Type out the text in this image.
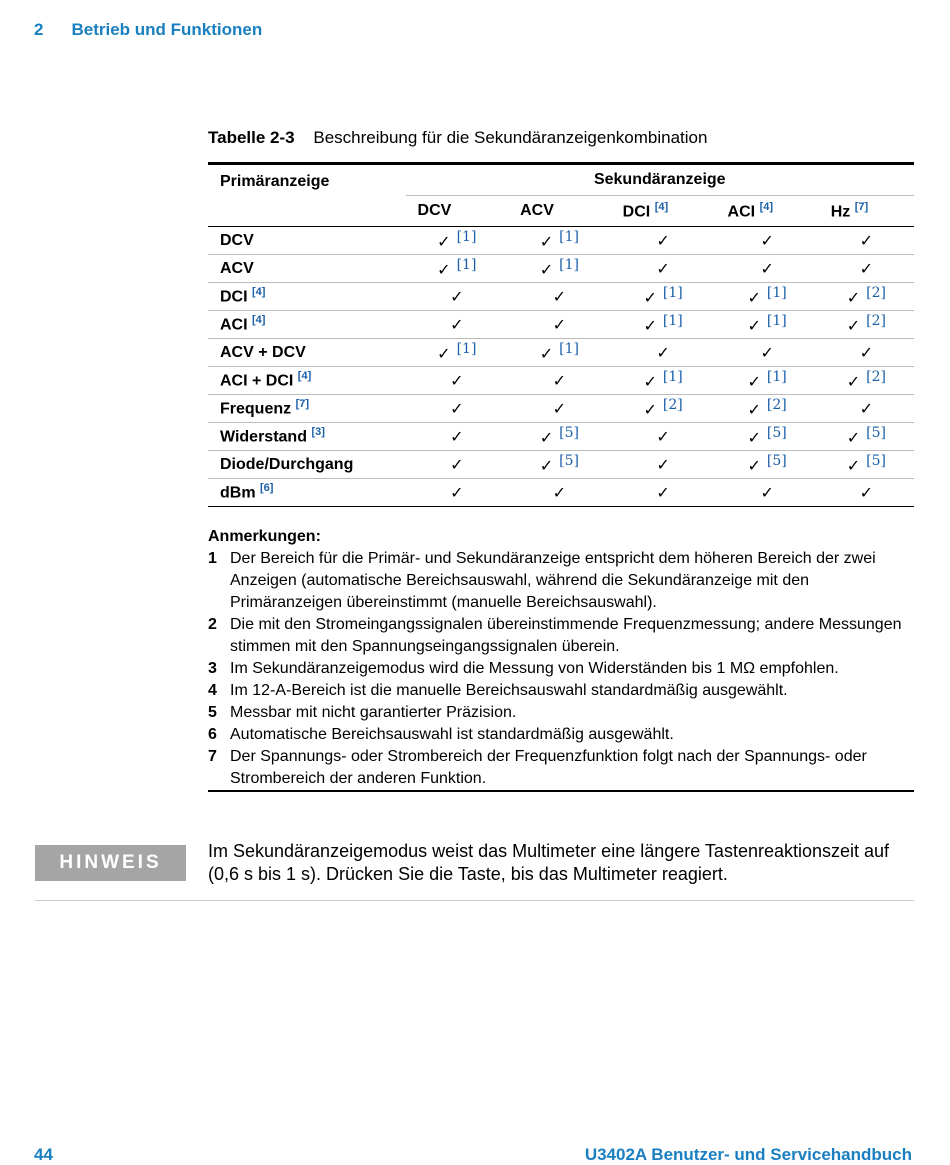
2 Betrieb und Funktionen
Tabelle 2-3 Beschreibung für die Sekundäranzeigenkombination
Primäranzeige	Sekundäranzeige				
	DCV	ACV	DCI [4]	ACI [4]	Hz [7]
DCV	✓ [1]	✓ [1]	✓	✓	✓
ACV	✓ [1]	✓ [1]	✓	✓	✓
DCI [4]	✓	✓	✓ [1]	✓ [1]	✓ [2]
ACI [4]	✓	✓	✓ [1]	✓ [1]	✓ [2]
ACV + DCV	✓ [1]	✓ [1]	✓	✓	✓
ACI + DCI [4]	✓	✓	✓ [1]	✓ [1]	✓ [2]
Frequenz [7]	✓	✓	✓ [2]	✓ [2]	✓
Widerstand [3]	✓	✓ [5]	✓	✓ [5]	✓ [5]
Diode/Durchgang	✓	✓ [5]	✓	✓ [5]	✓ [5]
dBm [6]	✓	✓	✓	✓	✓
Anmerkungen:
1 Der Bereich für die Primär- und Sekundäranzeige entspricht dem höheren Bereich der zwei Anzeigen (automatische Bereichsauswahl, während die Sekundäranzeige mit den Primäranzeigen übereinstimmt (manuelle Bereichsauswahl).
2 Die mit den Stromeingangssignalen übereinstimmende Frequenzmessung; andere Messungen stimmen mit den Spannungseingangssignalen überein.
3 Im Sekundäranzeigemodus wird die Messung von Widerständen bis 1 MΩ empfohlen.
4 Im 12-A-Bereich ist die manuelle Bereichsauswahl standardmäßig ausgewählt.
5 Messbar mit nicht garantierter Präzision.
6 Automatische Bereichsauswahl ist standardmäßig ausgewählt.
7 Der Spannungs- oder Strombereich der Frequenzfunktion folgt nach der Spannungs- oder Strombereich der anderen Funktion.
HINWEIS
Im Sekundäranzeigemodus weist das Multimeter eine längere Tastenreaktionszeit auf (0,6 s bis 1 s). Drücken Sie die Taste, bis das Multimeter reagiert.
44	U3402A Benutzer- und Servicehandbuch
